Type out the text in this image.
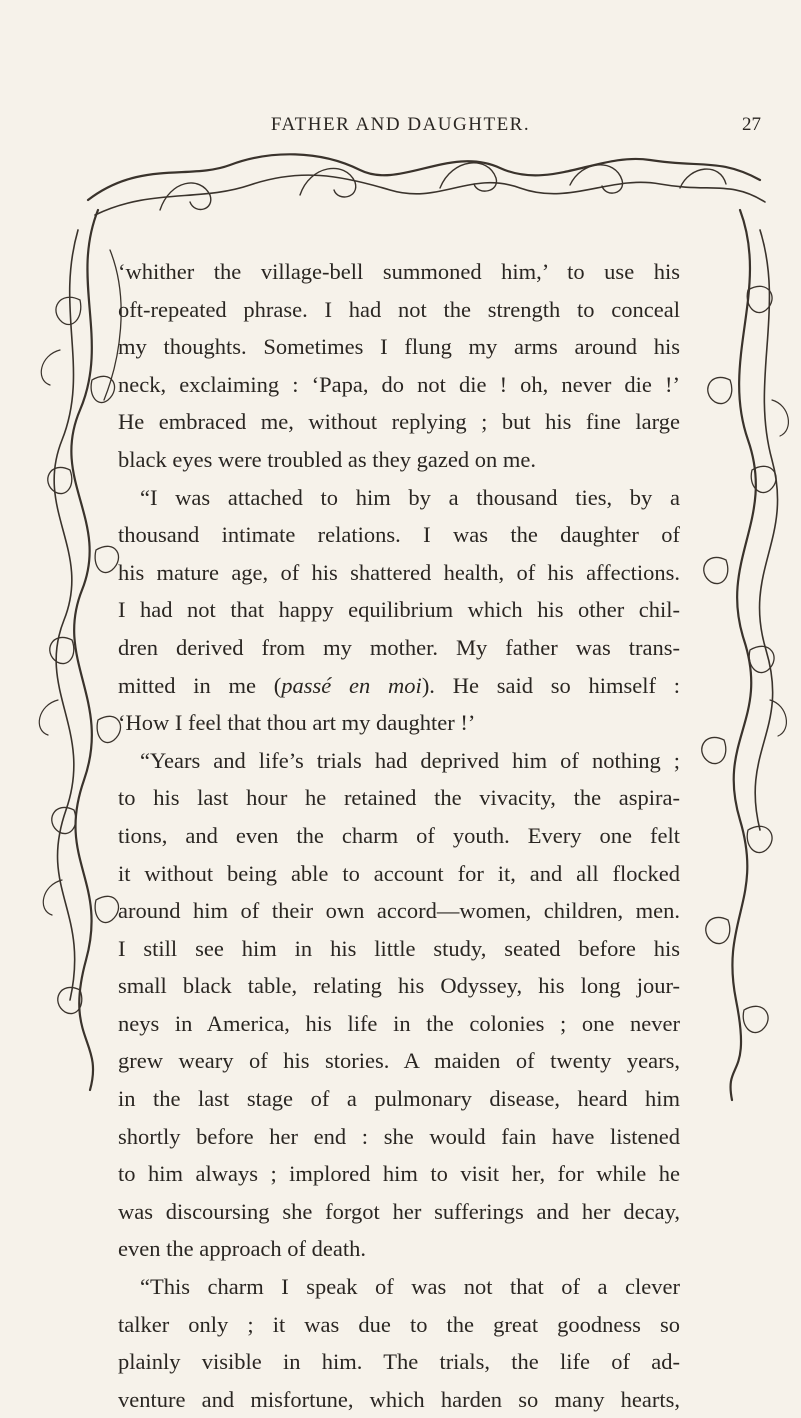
FATHER AND DAUGHTER.	27
‘whither the village-bell summoned him,’ to use his
oft-repeated phrase. I had not the strength to conceal
my thoughts. Sometimes I flung my arms around his
neck, exclaiming : ‘Papa, do not die ! oh, never die !’
He embraced me, without replying ; but his fine large
black eyes were troubled as they gazed on me.
“I was attached to him by a thousand ties, by a
thousand intimate relations. I was the daughter of
his mature age, of his shattered health, of his affections.
I had not that happy equilibrium which his other chil-
dren derived from my mother. My father was trans-
mitted in me (passé en moi). He said so himself :
‘How I feel that thou art my daughter !’
“Years and life’s trials had deprived him of nothing ;
to his last hour he retained the vivacity, the aspira-
tions, and even the charm of youth. Every one felt
it without being able to account for it, and all flocked
around him of their own accord—women, children, men.
I still see him in his little study, seated before his
small black table, relating his Odyssey, his long jour-
neys in America, his life in the colonies ; one never
grew weary of his stories. A maiden of twenty years,
in the last stage of a pulmonary disease, heard him
shortly before her end : she would fain have listened
to him always ; implored him to visit her, for while he
was discoursing she forgot her sufferings and her decay,
even the approach of death.
“This charm I speak of was not that of a clever
talker only ; it was due to the great goodness so
plainly visible in him. The trials, the life of ad-
venture and misfortune, which harden so many hearts,
